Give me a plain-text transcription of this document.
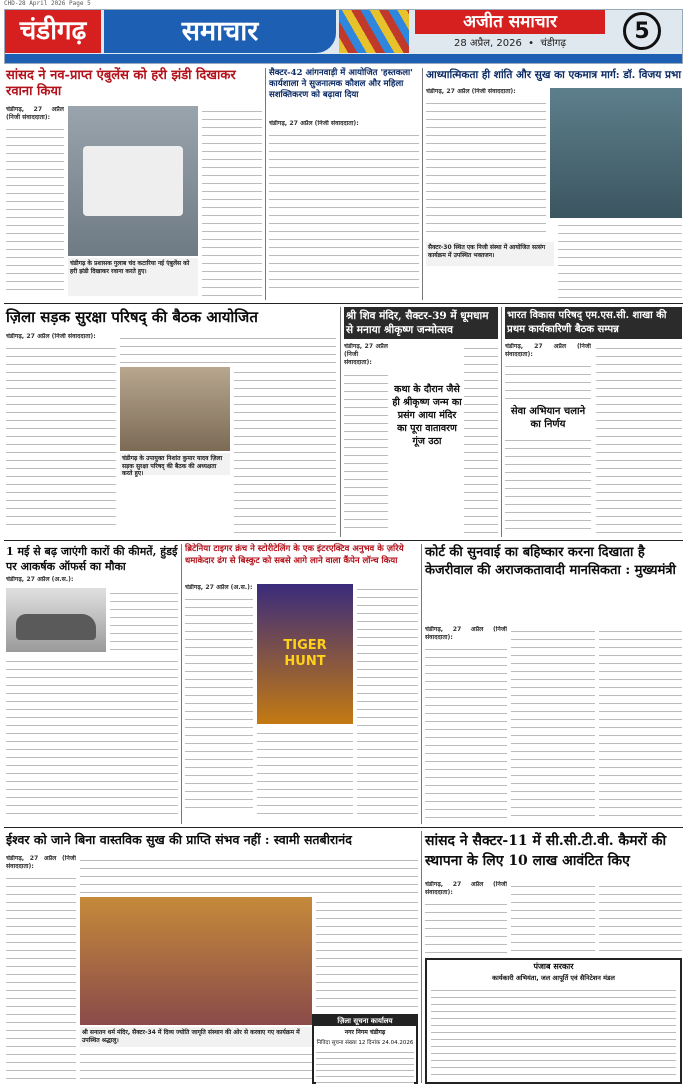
CHD-28 April 2026 Page 5
चंडीगढ़	समाचार	अजीत समाचार
28 अप्रैल, 2026  •  चंडीगढ़	5
सांसद ने नव-प्राप्त एंबुलेंस को हरी झंडी दिखाकर रवाना किया

चंडीगढ़, 27 अप्रैल (निजी संवाददाता):

चंडीगढ़ के प्रशासक गुलाब चंद कटारिया नई एंबुलेंस को हरी झंडी दिखाकर रवाना करते हुए।
सैक्टर-42 आंगनवाड़ी में आयोजित 'हस्तकला' कार्यशाला ने सुजनात्मक कौशल और महिला सशक्तिकरण को बढ़ावा दिया

चंडीगढ़, 27 अप्रैल (निजी संवाददाता):

आध्यात्मिकता ही शांति और सुख का एकमात्र मार्ग: डॉ. विजय प्रभा

चंडीगढ़, 27 अप्रैल (निजी संवाददाता):

सैक्टर-30 स्थित एक निजी संस्था में आयोजित सत्संग कार्यक्रम में उपस्थित भक्तजन।
ज़िला सड़क सुरक्षा परिषद् की बैठक आयोजित

चंडीगढ़, 27 अप्रैल (निजी संवाददाता):

चंडीगढ़ के उपायुक्त निशांत कुमार यादव ज़िला सड़क सुरक्षा परिषद् की बैठक की अध्यक्षता करते हुए।
श्री शिव मंदिर, सैक्टर-39 में धूमधाम से मनाया श्रीकृष्ण जन्मोत्सव

चंडीगढ़, 27 अप्रैल (निजी संवाददाता):

कथा के दौरान जैसे ही श्रीकृष्ण जन्म का प्रसंग आया मंदिर का पूरा वातावरण गूंज उठा
भारत विकास परिषद् एम.एस.सी. शाखा की प्रथम कार्यकारिणी बैठक सम्पन्न

चंडीगढ़, 27 अप्रैल (निजी संवाददाता):

सेवा अभियान चलाने का निर्णय
1 मई से बढ़ जाएंगी कारों की कीमतें, हुंडई पर आकर्षक ऑफर्स का मौका
चंडीगढ़, 27 अप्रैल (अ.स.):
ब्रिटेनिया टाइगर क्रंच ने स्टोरीटेलिंग के एक इंटरएक्टिव अनुभव के ज़रिये धमाकेदार ढंग से बिस्कुट को सबसे आगे लाने वाला कैंपेन लॉन्च किया

चंडीगढ़, 27 अप्रैल (अ.स.):

TIGER HUNT
कोर्ट की सुनवाई का बहिष्कार करना दिखाता है केजरीवाल की अराजकतावादी मानसिकता : मुख्यमंत्री

चंडीगढ़, 27 अप्रैल (निजी संवाददाता):

ईश्वर को जाने बिना वास्तविक सुख की प्राप्ति संभव नहीं : स्वामी सतबीरानंद

चंडीगढ़, 27 अप्रैल (निजी संवाददाता):

श्री सनातन धर्म मंदिर, सैक्टर-34 में दिव्य ज्योति जागृति संस्थान की ओर से करवाए गए कार्यक्रम में उपस्थित श्रद्धालु।
ज़िला सूचना कार्यालय
नगर निगम चंडीगढ़
निविदा सूचना संख्या 12 दिनांक 24.04.2026
सांसद ने सैक्टर-11 में सी.सी.टी.वी. कैमरों की स्थापना के लिए 10 लाख आवंटित किए

चंडीगढ़, 27 अप्रैल (निजी संवाददाता):

पंजाब सरकार
कार्यकारी अभियंता, जल आपूर्ति एवं सैनिटेशन मंडल
